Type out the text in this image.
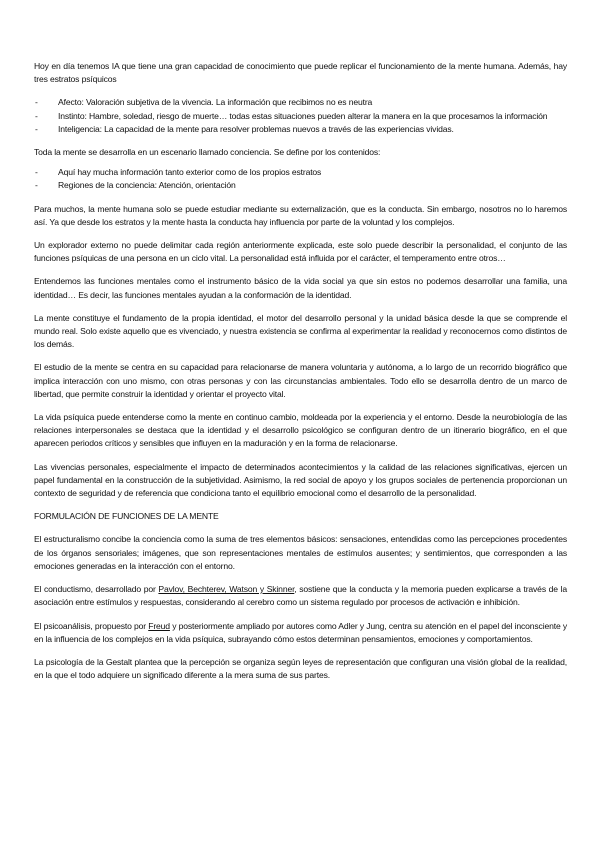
Hoy en día tenemos IA que tiene una gran capacidad de conocimiento que puede replicar el funcionamiento de la mente humana. Además, hay tres estratos psíquicos

- Afecto: Valoración subjetiva de la vivencia. La información que recibimos no es neutra
- Instinto: Hambre, soledad, riesgo de muerte… todas estas situaciones pueden alterar la manera en la que procesamos la información
- Inteligencia: La capacidad de la mente para resolver problemas nuevos a través de las experiencias vividas.

Toda la mente se desarrolla en un escenario llamado conciencia. Se define por los contenidos:

- Aquí hay mucha información tanto exterior como de los propios estratos
- Regiones de la conciencia: Atención, orientación

Para muchos, la mente humana solo se puede estudiar mediante su externalización, que es la conducta. Sin embargo, nosotros no lo haremos así. Ya que desde los estratos y la mente hasta la conducta hay influencia por parte de la voluntad y los complejos.

Un explorador externo no puede delimitar cada región anteriormente explicada, este solo puede describir la personalidad, el conjunto de las funciones psíquicas de una persona en un ciclo vital. La personalidad está influida por el carácter, el temperamento entre otros…

Entendemos las funciones mentales como el instrumento básico de la vida social ya que sin estos no podemos desarrollar una familia, una identidad… Es decir, las funciones mentales ayudan a la conformación de la identidad.

La mente constituye el fundamento de la propia identidad, el motor del desarrollo personal y la unidad básica desde la que se comprende el mundo real. Solo existe aquello que es vivenciado, y nuestra existencia se confirma al experimentar la realidad y reconocernos como distintos de los demás.

El estudio de la mente se centra en su capacidad para relacionarse de manera voluntaria y autónoma, a lo largo de un recorrido biográfico que implica interacción con uno mismo, con otras personas y con las circunstancias ambientales. Todo ello se desarrolla dentro de un marco de libertad, que permite construir la identidad y orientar el proyecto vital.

La vida psíquica puede entenderse como la mente en continuo cambio, moldeada por la experiencia y el entorno. Desde la neurobiología de las relaciones interpersonales se destaca que la identidad y el desarrollo psicológico se configuran dentro de un itinerario biográfico, en el que aparecen periodos críticos y sensibles que influyen en la maduración y en la forma de relacionarse.

Las vivencias personales, especialmente el impacto de determinados acontecimientos y la calidad de las relaciones significativas, ejercen un papel fundamental en la construcción de la subjetividad. Asimismo, la red social de apoyo y los grupos sociales de pertenencia proporcionan un contexto de seguridad y de referencia que condiciona tanto el equilibrio emocional como el desarrollo de la personalidad.

FORMULACIÓN DE FUNCIONES DE LA MENTE

El estructuralismo concibe la conciencia como la suma de tres elementos básicos: sensaciones, entendidas como las percepciones procedentes de los órganos sensoriales; imágenes, que son representaciones mentales de estímulos ausentes; y sentimientos, que corresponden a las emociones generadas en la interacción con el entorno.

El conductismo, desarrollado por Pavlov, Bechterev, Watson y Skinner, sostiene que la conducta y la memoria pueden explicarse a través de la asociación entre estímulos y respuestas, considerando al cerebro como un sistema regulado por procesos de activación e inhibición.

El psicoanálisis, propuesto por Freud y posteriormente ampliado por autores como Adler y Jung, centra su atención en el papel del inconsciente y en la influencia de los complejos en la vida psíquica, subrayando cómo estos determinan pensamientos, emociones y comportamientos.

La psicología de la Gestalt plantea que la percepción se organiza según leyes de representación que configuran una visión global de la realidad, en la que el todo adquiere un significado diferente a la mera suma de sus partes.
